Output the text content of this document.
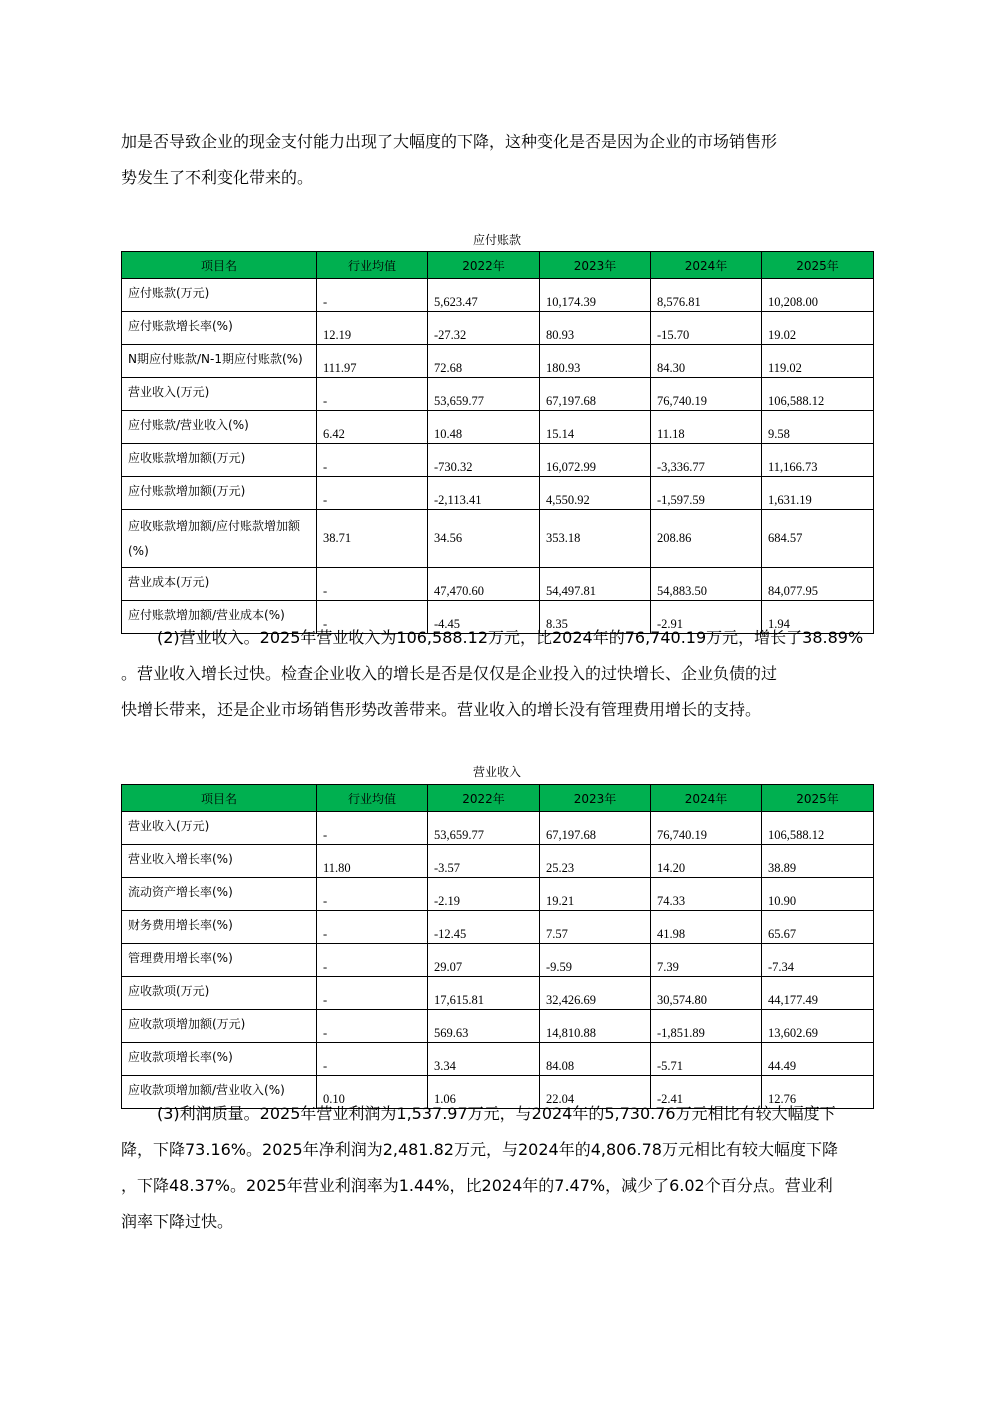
加是否导致企业的现金支付能力出现了大幅度的下降，这种变化是否是因为企业的市场销售形
势发生了不利变化带来的。
应付账款
项目名	行业均值	2022年	2023年	2024年	2025年
应付账款(万元)	-	5,623.47	10,174.39	8,576.81	10,208.00
应付账款增长率(%)	12.19	-27.32	80.93	-15.70	19.02
N期应付账款/N-1期应付账款(%)	111.97	72.68	180.93	84.30	119.02
营业收入(万元)	-	53,659.77	67,197.68	76,740.19	106,588.12
应付账款/营业收入(%)	6.42	10.48	15.14	11.18	9.58
应收账款增加额(万元)	-	-730.32	16,072.99	-3,336.77	11,166.73
应付账款增加额(万元)	-	-2,113.41	4,550.92	-1,597.59	1,631.19
应收账款增加额/应付账款增加额(%)	38.71	34.56	353.18	208.86	684.57
营业成本(万元)	-	47,470.60	54,497.81	54,883.50	84,077.95
应付账款增加额/营业成本(%)	-	-4.45	8.35	-2.91	1.94
(2)营业收入。2025年营业收入为106,588.12万元，比2024年的76,740.19万元，增长了38.89%
。营业收入增长过快。检查企业收入的增长是否是仅仅是企业投入的过快增长、企业负债的过
快增长带来，还是企业市场销售形势改善带来。营业收入的增长没有管理费用增长的支持。
营业收入
项目名	行业均值	2022年	2023年	2024年	2025年
营业收入(万元)	-	53,659.77	67,197.68	76,740.19	106,588.12
营业收入增长率(%)	11.80	-3.57	25.23	14.20	38.89
流动资产增长率(%)	-	-2.19	19.21	74.33	10.90
财务费用增长率(%)	-	-12.45	7.57	41.98	65.67
管理费用增长率(%)	-	29.07	-9.59	7.39	-7.34
应收款项(万元)	-	17,615.81	32,426.69	30,574.80	44,177.49
应收款项增加额(万元)	-	569.63	14,810.88	-1,851.89	13,602.69
应收款项增长率(%)	-	3.34	84.08	-5.71	44.49
应收款项增加额/营业收入(%)	0.10	1.06	22.04	-2.41	12.76
(3)利润质量。2025年营业利润为1,537.97万元，与2024年的5,730.76万元相比有较大幅度下
降，下降73.16%。2025年净利润为2,481.82万元，与2024年的4,806.78万元相比有较大幅度下降
，下降48.37%。2025年营业利润率为1.44%，比2024年的7.47%，减少了6.02个百分点。营业利
润率下降过快。
